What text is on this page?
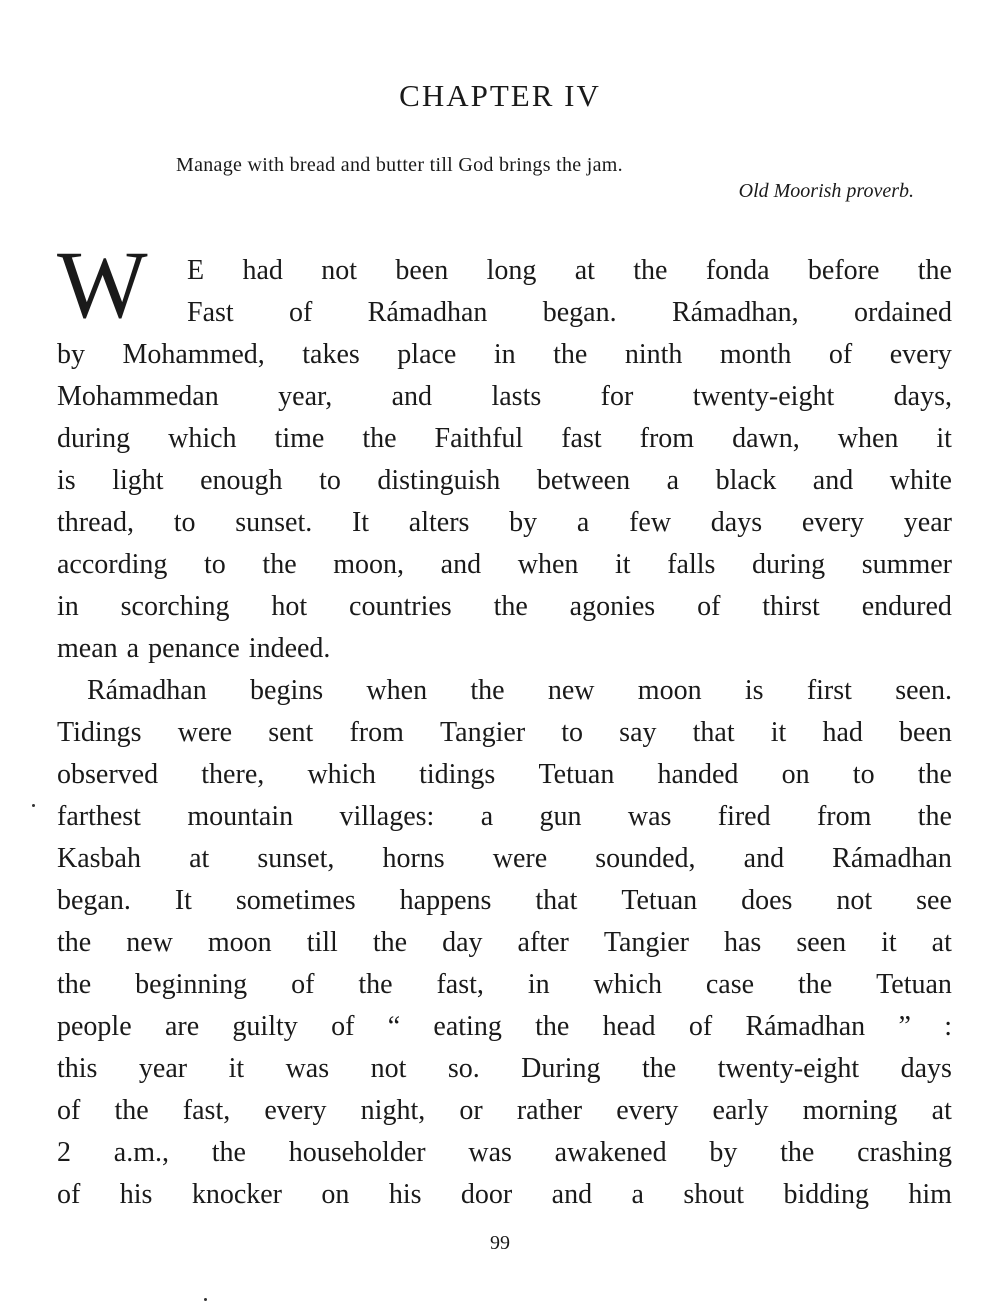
CHAPTER IV
Manage with bread and butter till God brings the jam.
Old Moorish proverb.
W E had not been long at the fonda before the
Fast of Rámadhan began. Rámadhan, ordained
by Mohammed, takes place in the ninth month of every
Mohammedan year, and lasts for twenty-eight days,
during which time the Faithful fast from dawn, when it
is light enough to distinguish between a black and white
thread, to sunset. It alters by a few days every year
according to the moon, and when it falls during summer
in scorching hot countries the agonies of thirst endured
mean a penance indeed.
Rámadhan begins when the new moon is first seen.
Tidings were sent from Tangier to say that it had been
observed there, which tidings Tetuan handed on to the
farthest mountain villages: a gun was fired from the
Kasbah at sunset, horns were sounded, and Rámadhan
began. It sometimes happens that Tetuan does not see
the new moon till the day after Tangier has seen it at
the beginning of the fast, in which case the Tetuan
people are guilty of “ eating the head of Rámadhan ” :
this year it was not so. During the twenty-eight days
of the fast, every night, or rather every early morning at
2 a.m., the householder was awakened by the crashing
of his knocker on his door and a shout bidding him
99
